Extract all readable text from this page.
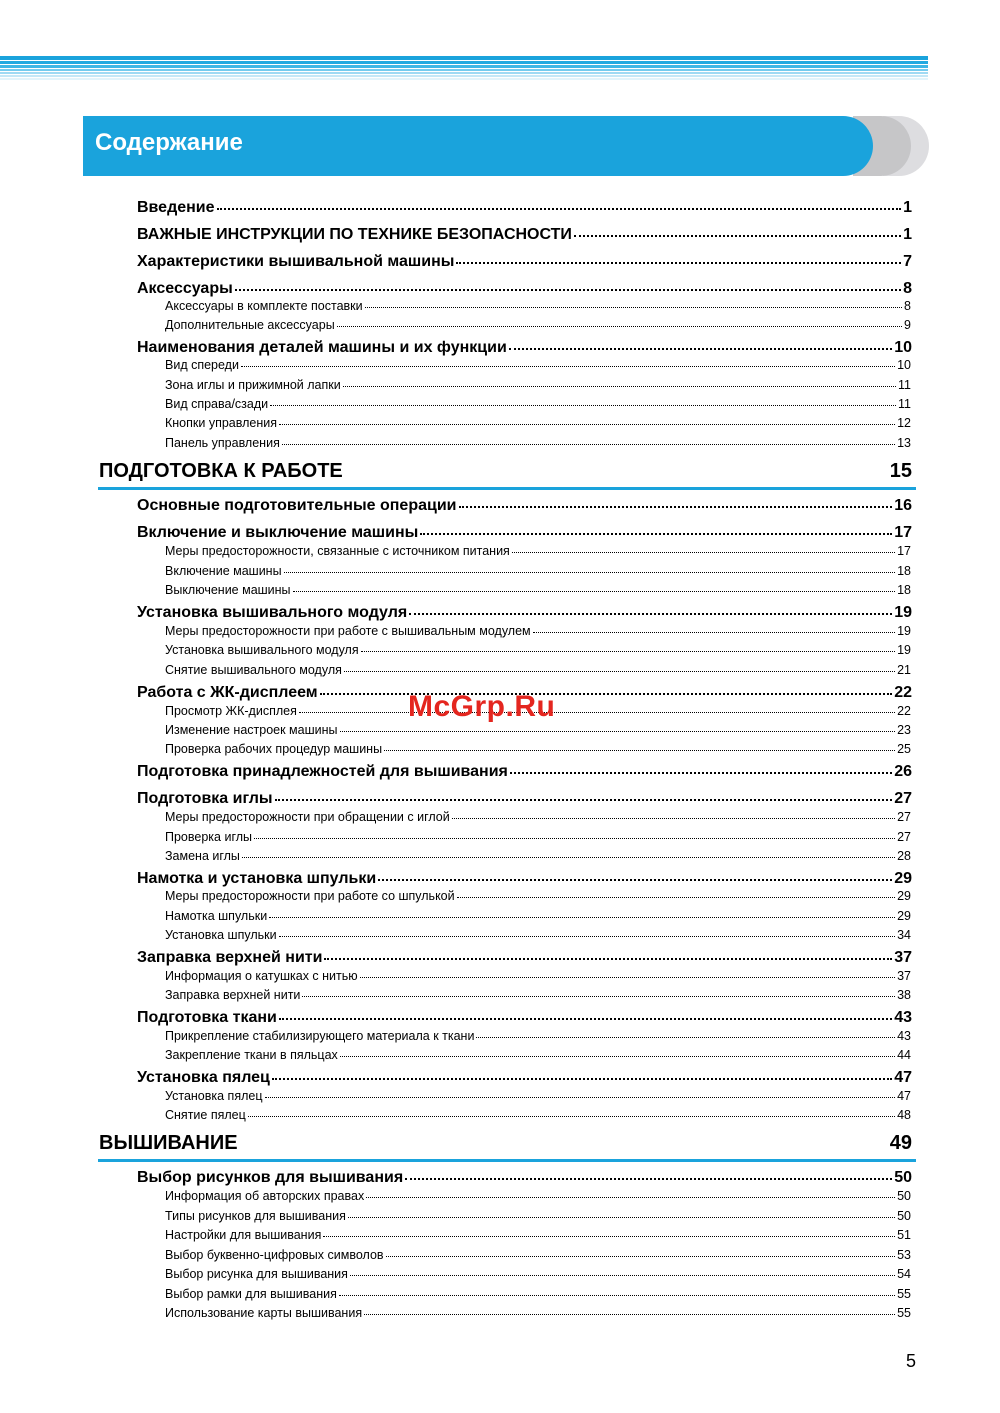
Содержание
Введение	1
ВАЖНЫЕ ИНСТРУКЦИИ ПО ТЕХНИКЕ БЕЗОПАСНОСТИ	1
Характеристики вышивальной машины	7
Аксессуары	8
Аксессуары в комплекте поставки	8
Дополнительные аксессуары	9
Наименования деталей машины и их функции	10
Вид спереди	10
Зона иглы и прижимной лапки	11
Вид справа/сзади	11
Кнопки управления	12
Панель управления	13
ПОДГОТОВКА К РАБОТЕ	15
Основные подготовительные операции	16
Включение и выключение машины	17
Меры предосторожности, связанные с источником питания	17
Включение машины	18
Выключение машины	18
Установка вышивального модуля	19
Меры предосторожности при работе с вышивальным модулем	19
Установка вышивального модуля	19
Снятие вышивального модуля	21
Работа с ЖК-дисплеем	22
Просмотр ЖК-дисплея	22
Изменение настроек машины	23
Проверка рабочих процедур машины	25
Подготовка принадлежностей для вышивания	26
Подготовка иглы	27
Меры предосторожности при обращении с иглой	27
Проверка иглы	27
Замена иглы	28
Намотка и установка шпульки	29
Меры предосторожности при работе со шпулькой	29
Намотка шпульки	29
Установка шпульки	34
Заправка верхней нити	37
Информация о катушках с нитью	37
Заправка верхней нити	38
Подготовка ткани	43
Прикрепление стабилизирующего материала к ткани	43
Закрепление ткани в пяльцах	44
Установка пялец	47
Установка пялец	47
Снятие пялец	48
ВЫШИВАНИЕ	49
Выбор рисунков для вышивания	50
Информация об авторских правах	50
Типы рисунков для вышивания	50
Настройки для вышивания	51
Выбор буквенно-цифровых символов	53
Выбор рисунка для вышивания	54
Выбор рамки для вышивания	55
Использование карты вышивания	55
McGrp.Ru
5
